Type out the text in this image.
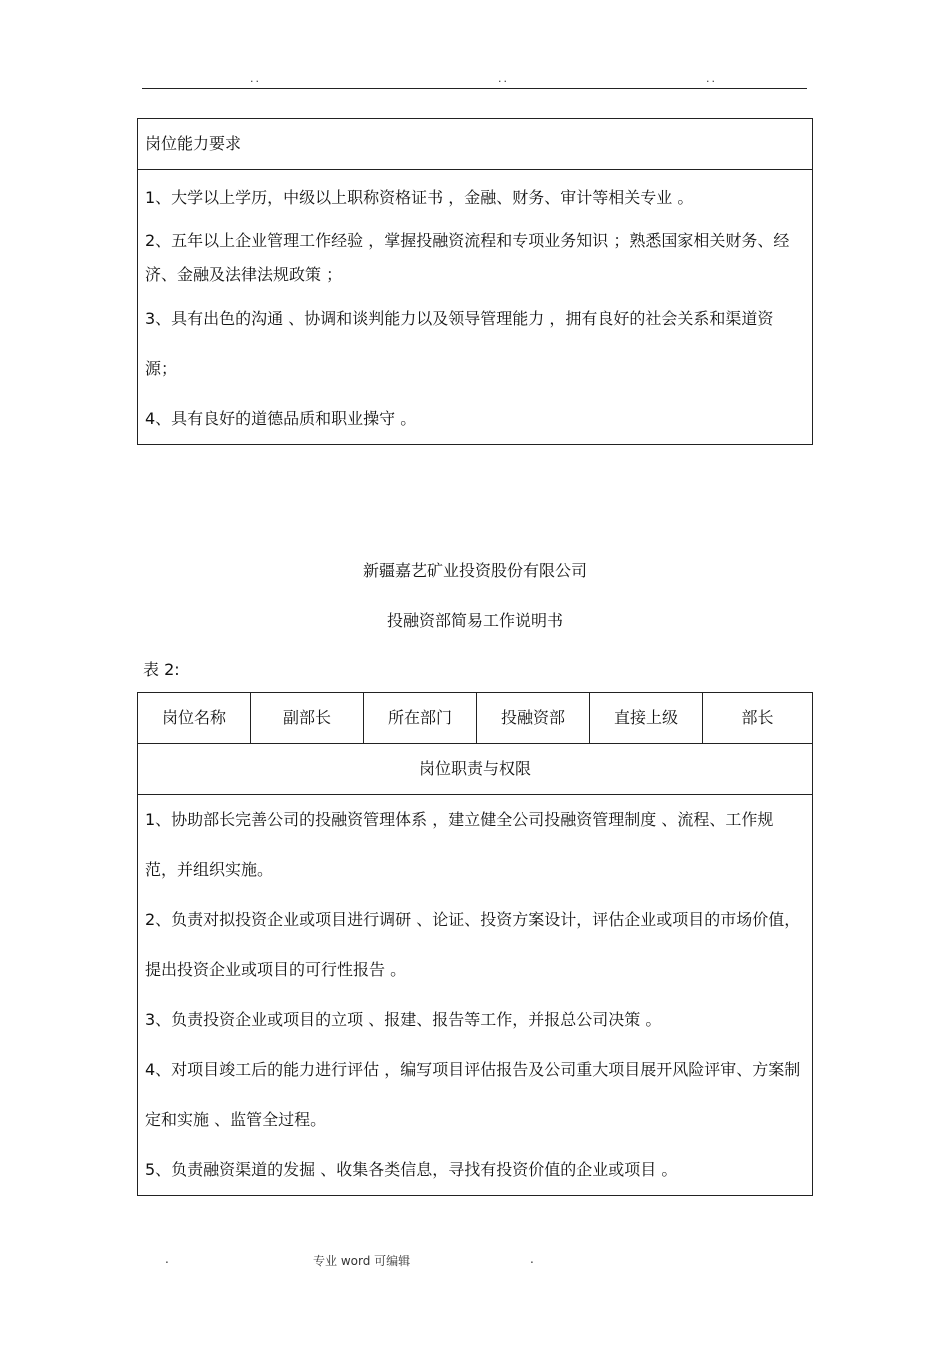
..	..	..
岗位能力要求

1、大学以上学历，中级以上职称资格证书 ，金融、财务、审计等相关专业 。
2、五年以上企业管理工作经验 ，掌握投融资流程和专项业务知识 ；熟悉国家相关财务、经济、金融及法律法规政策 ；
3、具有出色的沟通 、协调和谈判能力以及领导管理能力 ，拥有良好的社会关系和渠道资源；
4、具有良好的道德品质和职业操守 。
新疆嘉艺矿业投资股份有限公司
投融资部简易工作说明书
表 2:
岗位名称	副部长	所在部门	投融资部	直接上级	部长
岗位职责与权限

1、协助部长完善公司的投融资管理体系 ，建立健全公司投融资管理制度 、流程、工作规范，并组织实施。
2、负责对拟投资企业或项目进行调研 、论证、投资方案设计，评估企业或项目的市场价值，提出投资企业或项目的可行性报告 。
3、负责投资企业或项目的立项 、报建、报告等工作，并报总公司决策 。
4、对项目竣工后的能力进行评估 ，编写项目评估报告及公司重大项目展开风险评审、方案制定和实施 、监管全过程。
5、负责融资渠道的发掘 、收集各类信息，寻找有投资价值的企业或项目 。
.	专业 word 可编辑	.
